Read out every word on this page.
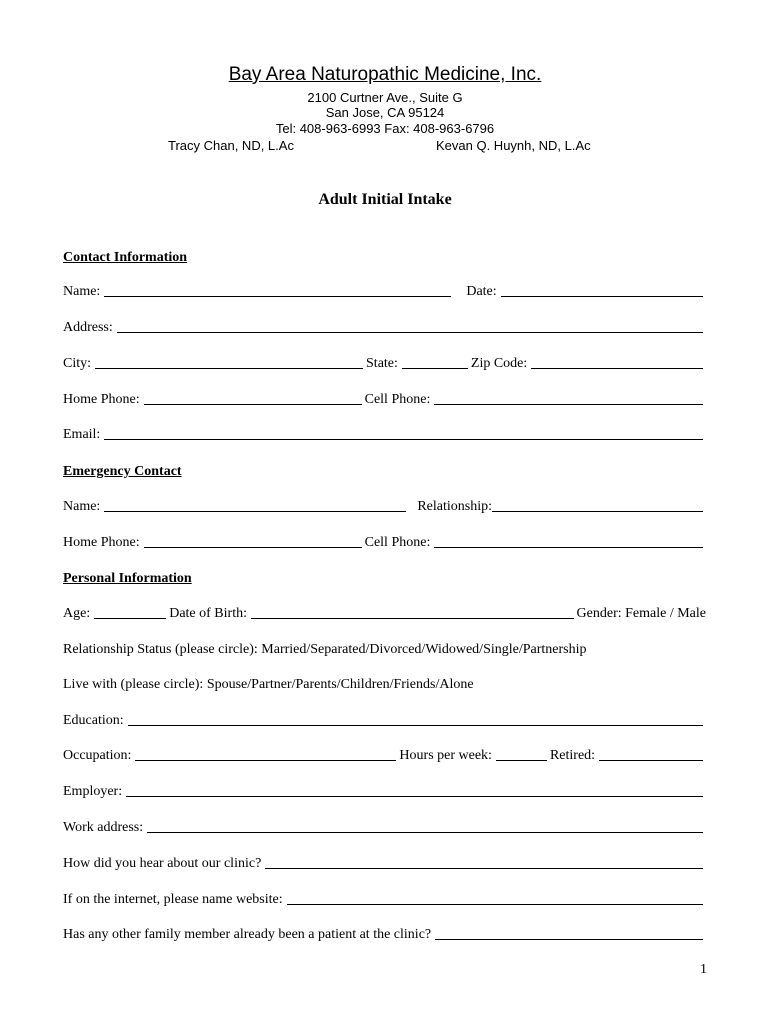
Bay Area Naturopathic Medicine, Inc.
2100 Curtner Ave., Suite G
San Jose, CA 95124
Tel: 408-963-6993 Fax: 408-963-6796
Tracy Chan, ND, L.Ac	Kevan Q. Huynh, ND, L.Ac
Adult Initial Intake
Contact Information
Name:	Date:
Address:
City:	State:	Zip Code:
Home Phone:	Cell Phone:
Email:
Emergency Contact
Name:	Relationship:
Home Phone:	Cell Phone:
Personal Information
Age:	Date of Birth:	Gender: Female / Male
Relationship Status (please circle): Married/Separated/Divorced/Widowed/Single/Partnership
Live with (please circle): Spouse/Partner/Parents/Children/Friends/Alone
Education:
Occupation:	Hours per week:	Retired:
Employer:
Work address:
How did you hear about our clinic?
If on the internet, please name website:
Has any other family member already been a patient at the clinic?
1
